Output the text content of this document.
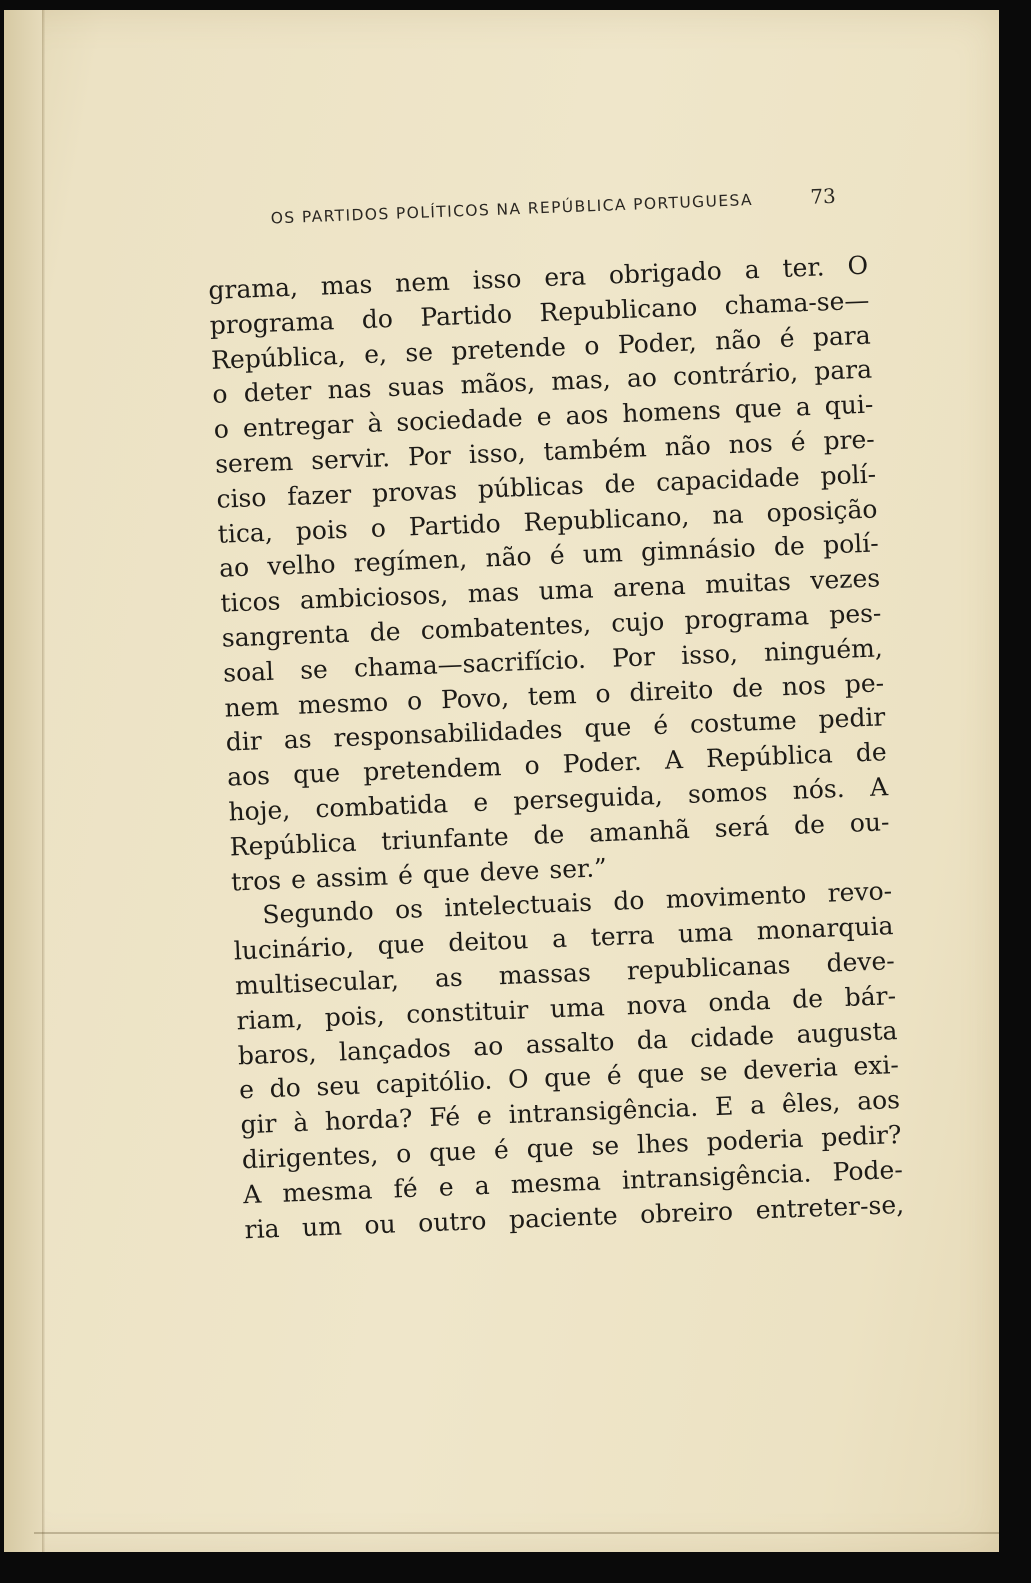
OS PARTIDOS POLÍTICOS NA REPÚBLICA PORTUGUESA	73
grama, mas nem isso era obrigado a ter. O
programa do Partido Republicano chama-se—
República, e, se pretende o Poder, não é para
o deter nas suas mãos, mas, ao contrário, para
o entregar à sociedade e aos homens que a qui-
serem servir. Por isso, também não nos é pre-
ciso fazer provas públicas de capacidade polí-
tica, pois o Partido Republicano, na oposição
ao velho regímen, não é um gimnásio de polí-
ticos ambiciosos, mas uma arena muitas vezes
sangrenta de combatentes, cujo programa pes-
soal se chama—sacrifício. Por isso, ninguém,
nem mesmo o Povo, tem o direito de nos pe-
dir as responsabilidades que é costume pedir
aos que pretendem o Poder. A República de
hoje, combatida e perseguida, somos nós. A
República triunfante de amanhã será de ou-
tros e assim é que deve ser.”
Segundo os intelectuais do movimento revo-
lucinário, que deitou a terra uma monarquia
multisecular, as massas republicanas deve-
riam, pois, constituir uma nova onda de bár-
baros, lançados ao assalto da cidade augusta
e do seu capitólio. O que é que se deveria exi-
gir à horda? Fé e intransigência. E a êles, aos
dirigentes, o que é que se lhes poderia pedir?
A mesma fé e a mesma intransigência. Pode-
ria um ou outro paciente obreiro entreter-se,
